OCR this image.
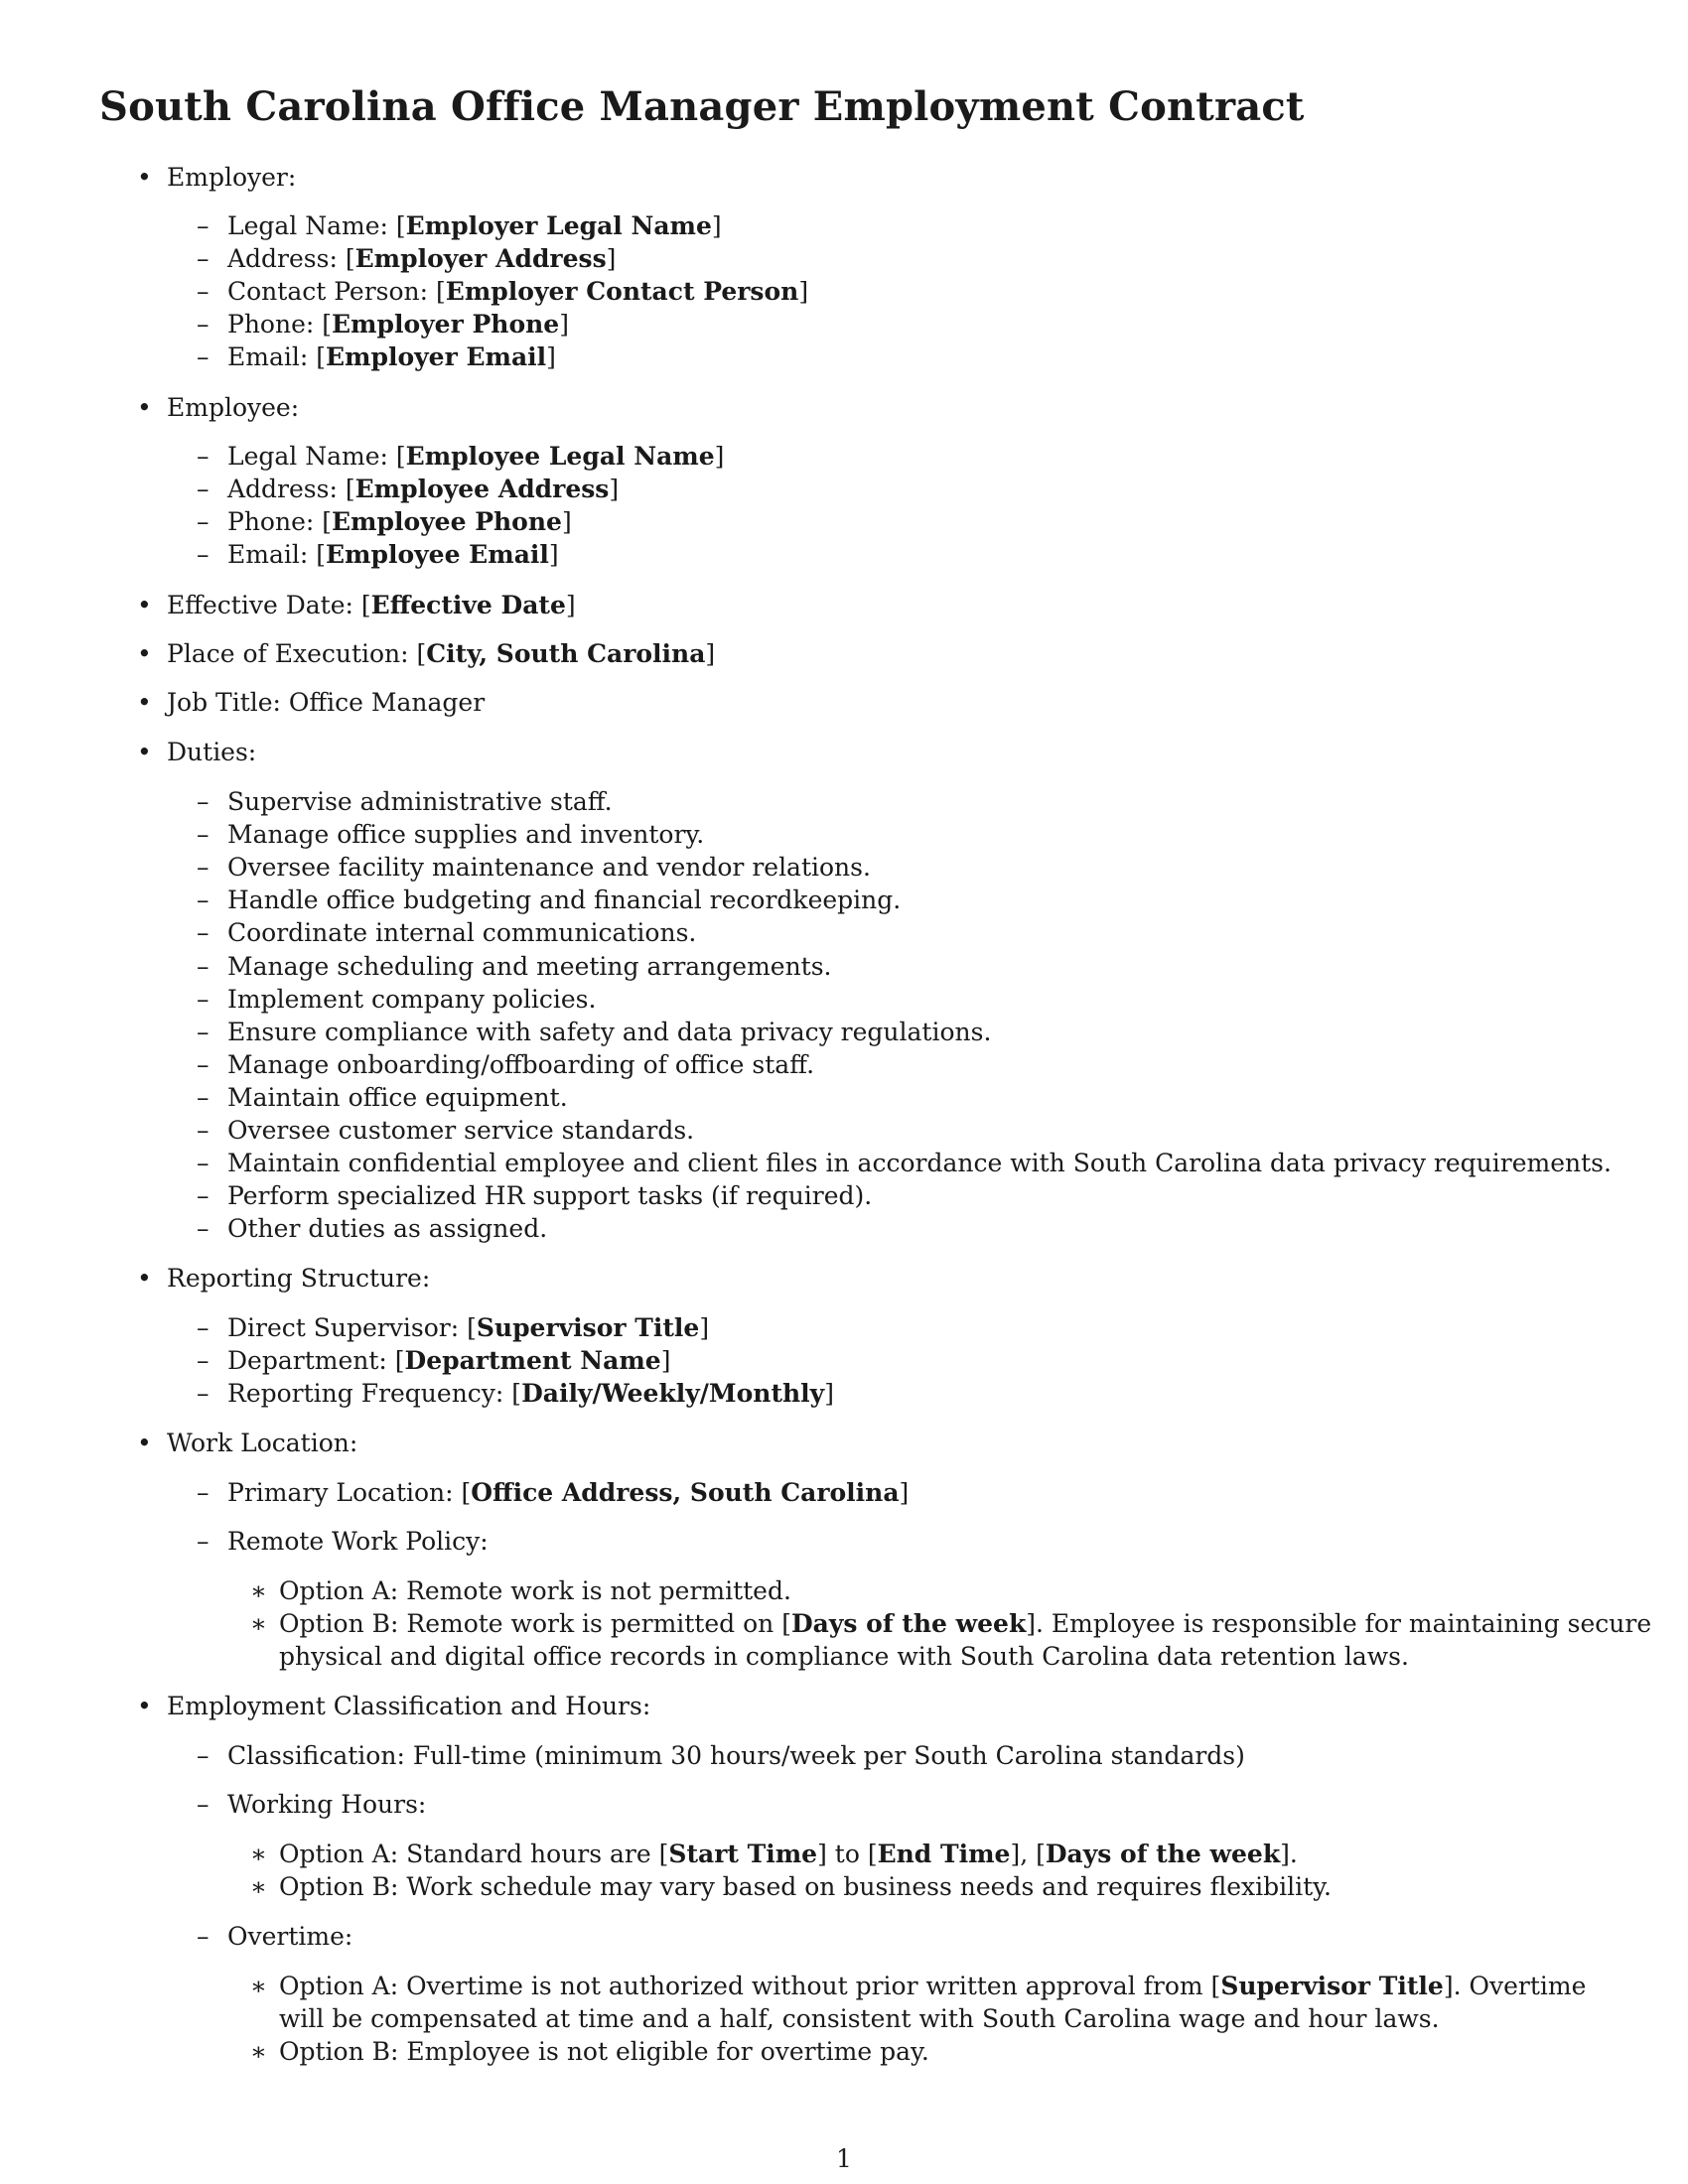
South Carolina Office Manager Employment Contract
• Employer:
– Legal Name: [Employer Legal Name]
– Address: [Employer Address]
– Contact Person: [Employer Contact Person]
– Phone: [Employer Phone]
– Email: [Employer Email]
• Employee:
– Legal Name: [Employee Legal Name]
– Address: [Employee Address]
– Phone: [Employee Phone]
– Email: [Employee Email]
• Effective Date: [Effective Date]
• Place of Execution: [City, South Carolina]
• Job Title: Office Manager
• Duties:
– Supervise administrative staff.
– Manage office supplies and inventory.
– Oversee facility maintenance and vendor relations.
– Handle office budgeting and financial recordkeeping.
– Coordinate internal communications.
– Manage scheduling and meeting arrangements.
– Implement company policies.
– Ensure compliance with safety and data privacy regulations.
– Manage onboarding/offboarding of office staff.
– Maintain office equipment.
– Oversee customer service standards.
– Maintain confidential employee and client files in accordance with South Carolina data privacy requirements.
– Perform specialized HR support tasks (if required).
– Other duties as assigned.
• Reporting Structure:
– Direct Supervisor: [Supervisor Title]
– Department: [Department Name]
– Reporting Frequency: [Daily/Weekly/Monthly]
• Work Location:
– Primary Location: [Office Address, South Carolina]
– Remote Work Policy:
∗ Option A: Remote work is not permitted.
∗ Option B: Remote work is permitted on [Days of the week]. Employee is responsible for maintaining secure
physical and digital office records in compliance with South Carolina data retention laws.
• Employment Classification and Hours:
– Classification: Full-time (minimum 30 hours/week per South Carolina standards)
– Working Hours:
∗ Option A: Standard hours are [Start Time] to [End Time], [Days of the week].
∗ Option B: Work schedule may vary based on business needs and requires flexibility.
– Overtime:
∗ Option A: Overtime is not authorized without prior written approval from [Supervisor Title]. Overtime
will be compensated at time and a half, consistent with South Carolina wage and hour laws.
∗ Option B: Employee is not eligible for overtime pay.
1
